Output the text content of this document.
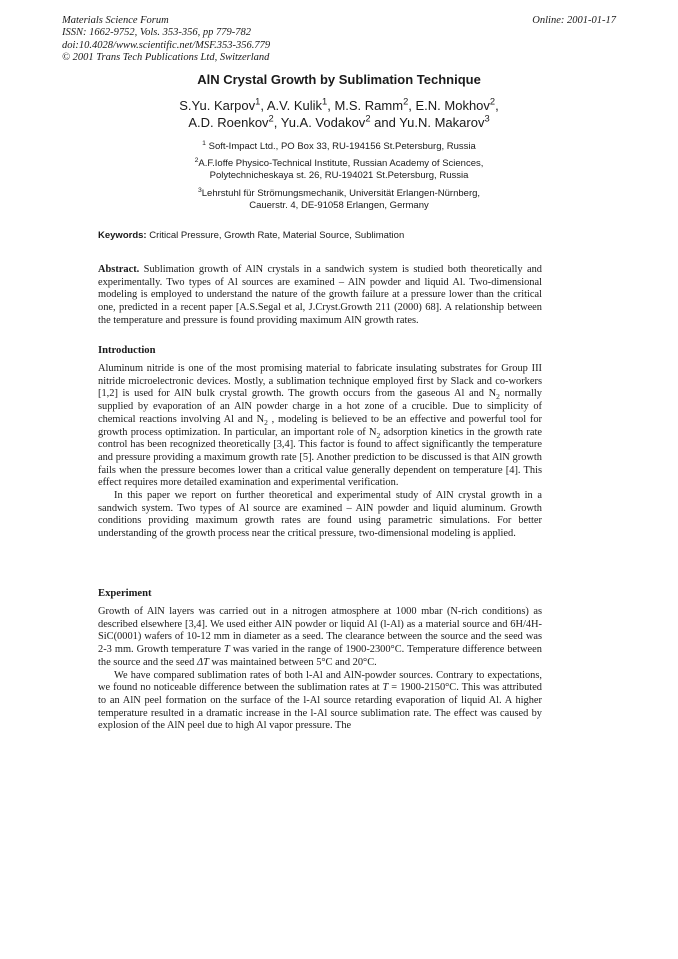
Materials Science Forum
ISSN: 1662-9752, Vols. 353-356, pp 779-782
doi:10.4028/www.scientific.net/MSF.353-356.779
© 2001 Trans Tech Publications Ltd, Switzerland
Online: 2001-01-17
AlN Crystal Growth by Sublimation Technique
S.Yu. Karpov$^1$, A.V. Kulik$^1$, M.S. Ramm$^2$, E.N. Mokhov$^2$,
A.D. Roenkov$^2$, Yu.A. Vodakov$^2$ and Yu.N. Makarov$^3$
$^1$ Soft-Impact Ltd., PO Box 33, RU-194156 St.Petersburg, Russia
$^2$A.F.Ioffe Physico-Technical Institute, Russian Academy of Sciences,
Polytechnicheskaya st. 26, RU-194021 St.Petersburg, Russia
$^3$Lehrstuhl für Strömungsmechanik, Universität Erlangen-Nürnberg,
Cauerstr. 4, DE-91058 Erlangen, Germany
Keywords: Critical Pressure, Growth Rate, Material Source, Sublimation

Abstract. Sublimation growth of AlN crystals in a sandwich system is studied both theoretically and experimentally. Two types of Al sources are examined – AlN powder and liquid Al. Two-dimensional modeling is employed to understand the nature of the growth failure at a pressure lower than the critical one, predicted in a recent paper [A.S.Segal et al, J.Cryst.Growth 211 (2000) 68]. A relationship between the temperature and pressure is found providing maximum AlN growth rates.

Introduction

Aluminum nitride is one of the most promising material to fabricate insulating substrates for Group III nitride microelectronic devices. Mostly, a sublimation technique employed first by Slack and co-workers [1,2] is used for AlN bulk crystal growth. The growth occurs from the gaseous Al and $N_2$ normally supplied by evaporation of an AlN powder charge in a hot zone of a crucible. Due to simplicity of chemical reactions involving Al and $N_2$ , modeling is believed to be an effective and powerful tool for growth process optimization. In particular, an important role of $N_2$ adsorption kinetics in the growth rate control has been recognized theoretically [3,4]. This factor is found to affect significantly the temperature and pressure providing a maximum growth rate [5]. Another prediction to be discussed is that AlN growth fails when the pressure becomes lower than a critical value generally dependent on temperature [4]. This effect requires more detailed examination and experimental verification.

In this paper we report on further theoretical and experimental study of AlN crystal growth in a sandwich system. Two types of Al source are examined – AlN powder and liquid aluminum. Growth conditions providing maximum growth rates are found using parametric simulations. For better understanding of the growth process near the critical pressure, two-dimensional modeling is applied.

Experiment

Growth of AlN layers was carried out in a nitrogen atmosphere at 1000 mbar (N-rich conditions) as described elsewhere [3,4]. We used either AlN powder or liquid Al (l-Al) as a material source and 6H/4H-SiC(0001) wafers of 10-12 mm in diameter as a seed. The clearance between the source and the seed was 2-3 mm. Growth temperature T was varied in the range of 1900-2300°C. Temperature difference between the source and the seed ΔT was maintained between 5°C and 20°C.

We have compared sublimation rates of both l-Al and AlN-powder sources. Contrary to expectations, we found no noticeable difference between the sublimation rates at T = 1900-2150°C. This was attributed to an AlN peel formation on the surface of the l-Al source retarding evaporation of liquid Al. A higher temperature resulted in a dramatic increase in the l-Al source sublimation rate. The effect was caused by explosion of the AlN peel due to high Al vapor pressure. The
